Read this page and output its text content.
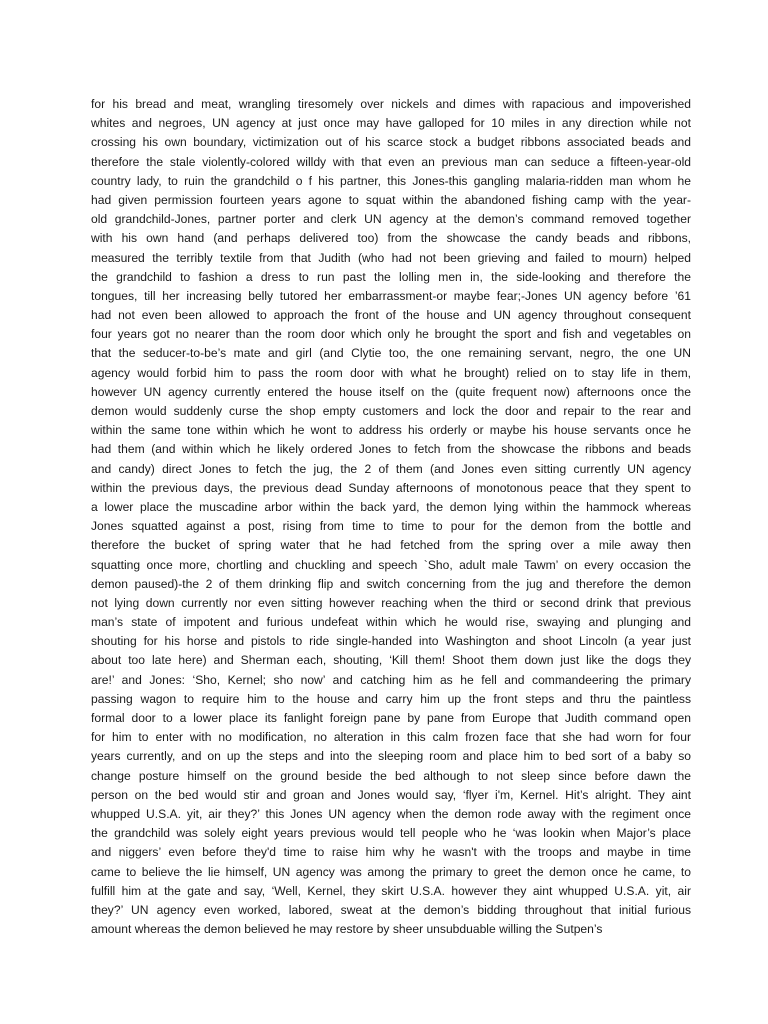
for his bread and meat, wrangling tiresomely over nickels and dimes with rapacious and impoverished
whites and negroes, UN agency at just once may have galloped for 10 miles in any direction while not
crossing his own boundary, victimization out of his scarce stock a budget ribbons associated beads and
therefore the stale violently-colored willdy with that even an previous man can seduce a fifteen-year-old
country lady, to ruin the grandchild o f his partner, this Jones-this gangling malaria-ridden man whom he
had given permission fourteen years agone to squat within the abandoned fishing camp with the year-
old grandchild-Jones, partner porter and clerk UN agency at the demon’s command removed together
with his own hand (and perhaps delivered too) from the showcase the candy beads and ribbons,
measured the terribly textile from that Judith (who had not been grieving and failed to mourn) helped
the grandchild to fashion a dress to run past the lolling men in, the side-looking and therefore the
tongues, till her increasing belly tutored her embarrassment-or maybe fear;-Jones UN agency before ’61
had not even been allowed to approach the front of the house and UN agency throughout consequent
four years got no nearer than the room door which only he brought the sport and fish and vegetables on
that the seducer-to-be’s mate and girl (and Clytie too, the one remaining servant, negro, the one UN
agency would forbid him to pass the room door with what he brought) relied on to stay life in them,
however UN agency currently entered the house itself on the (quite frequent now) afternoons once the
demon would suddenly curse the shop empty customers and lock the door and repair to the rear and
within the same tone within which he wont to address his orderly or maybe his house servants once he
had them (and within which he likely ordered Jones to fetch from the showcase the ribbons and beads
and candy) direct Jones to fetch the jug, the 2 of them (and Jones even sitting currently UN agency
within the previous days, the previous dead Sunday afternoons of monotonous peace that they spent to
a lower place the muscadine arbor within the back yard, the demon lying within the hammock whereas
Jones squatted against a post, rising from time to time to pour for the demon from the bottle and
therefore the bucket of spring water that he had fetched from the spring over a mile away then
squatting once more, chortling and chuckling and speech `Sho, adult male Tawm’ on every occasion the
demon paused)-the 2 of them drinking flip and switch concerning from the jug and therefore the demon
not lying down currently nor even sitting however reaching when the third or second drink that previous
man’s state of impotent and furious undefeat within which he would rise, swaying and plunging and
shouting for his horse and pistols to ride single-handed into Washington and shoot Lincoln (a year just
about too late here) and Sherman each, shouting, ‘Kill them! Shoot them down just like the dogs they
are!’ and Jones: ‘Sho, Kernel; sho now’ and catching him as he fell and commandeering the primary
passing wagon to require him to the house and carry him up the front steps and thru the paintless
formal door to a lower place its fanlight foreign pane by pane from Europe that Judith command open
for him to enter with no modification, no alteration in this calm frozen face that she had worn for four
years currently, and on up the steps and into the sleeping room and place him to bed sort of a baby so
change posture himself on the ground beside the bed although to not sleep since before dawn the
person on the bed would stir and groan and Jones would say, ‘flyer i'm, Kernel. Hit’s alright. They aint
whupped U.S.A. yit, air they?’ this Jones UN agency when the demon rode away with the regiment once
the grandchild was solely eight years previous would tell people who he ‘was lookin when Major’s place
and niggers’ even before they'd time to raise him why he wasn't with the troops and maybe in time
came to believe the lie himself, UN agency was among the primary to greet the demon once he came, to
fulfill him at the gate and say, ‘Well, Kernel, they skirt U.S.A. however they aint whupped U.S.A. yit, air
they?’ UN agency even worked, labored, sweat at the demon’s bidding throughout that initial furious
amount whereas the demon believed he may restore by sheer unsubduable willing the Sutpen’s
